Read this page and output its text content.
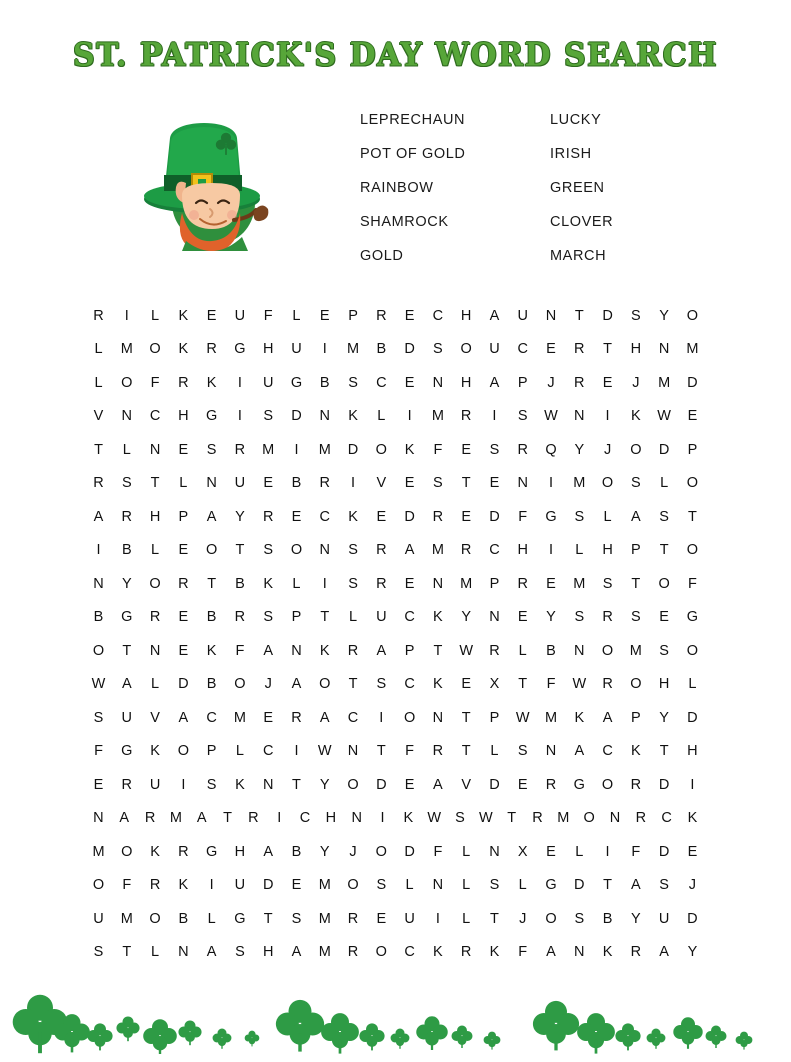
ST. PATRICK'S DAY WORD SEARCH
LEPRECHAUN
POT OF GOLD
RAINBOW
SHAMROCK
GOLD
LUCKY
IRISH
GREEN
CLOVER
MARCH
R	I	L	K	E	U	F	L	E	P	R	E	C	H	A	U	N	T	D	S	Y	O
L	M	O	K	R	G	H	U	I	M	B	D	S	O	U	C	E	R	T	H	N	M
L	O	F	R	K	I	U	G	B	S	C	E	N	H	A	P	J	R	E	J	M	D
V	N	C	H	G	I	S	D	N	K	L	I	M	R	I	S	W	N	I	K	W	E
T	L	N	E	S	R	M	I	M	D	O	K	F	E	S	R	Q	Y	J	O	D	P
R	S	T	L	N	U	E	B	R	I	V	E	S	T	E	N	I	M	O	S	L	O
A	R	H	P	A	Y	R	E	C	K	E	D	R	E	D	F	G	S	L	A	S	T
I	B	L	E	O	T	S	O	N	S	R	A	M	R	C	H	I	L	H	P	T	O
N	Y	O	R	T	B	K	L	I	S	R	E	N	M	P	R	E	M	S	T	O	F
B	G	R	E	B	R	S	P	T	L	U	C	K	Y	N	E	Y	S	R	S	E	G
O	T	N	E	K	F	A	N	K	R	A	P	T	W	R	L	B	N	O	M	S	O
W	A	L	D	B	O	J	A	O	T	S	C	K	E	X	T	F	W	R	O	H	L
S	U	V	A	C	M	E	R	A	C	I	O	N	T	P	W	M	K	A	P	Y	D
F	G	K	O	P	L	C	I	W	N	T	F	R	T	L	S	N	A	C	K	T	H
E	R	U	I	S	K	N	T	Y	O	D	E	A	V	D	E	R	G	O	R	D	I
N	A	R	M	A	T	R	I	C	H	N	I	K W S W	T	R	M O	N	R	C	K
M	O	K	R	G	H	A	B	Y	J	O	D	F	L	N	X	E	L	I	F	D	E
O	F	R	K	I	U	D	E	M	O	S	L	N	L	S	L	G	D	T	A	S	J
U	M	O	B	L	G	T	S	M	R	E	U	I	L	T	J	O	S	B	Y	U	D
S	T	L	N	A	S	H	A	M	R	O	C	K	R	K	F	A	N	K	R	A	Y
